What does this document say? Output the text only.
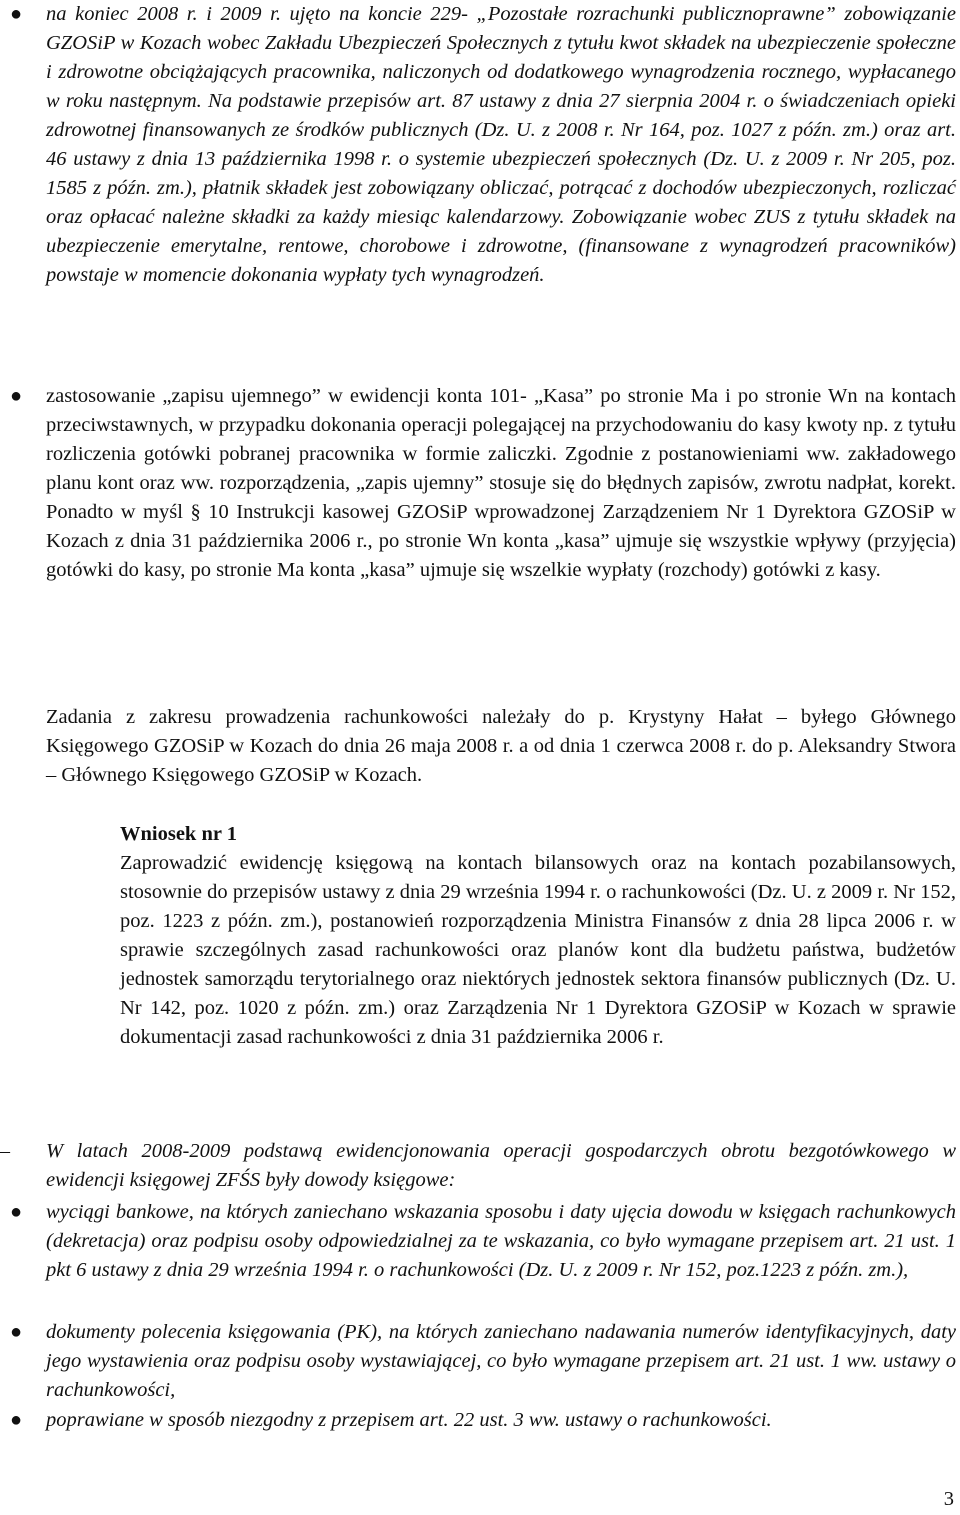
● na koniec 2008 r. i 2009 r. ujęto na koncie 229- „Pozostałe rozrachunki publicznoprawne” zobowiązanie GZOSiP w Kozach wobec Zakładu Ubezpieczeń Społecznych z tytułu kwot składek na ubezpieczenie społeczne i zdrowotne obciążających pracownika, naliczonych od dodatkowego wynagrodzenia rocznego, wypłacanego w roku następnym. Na podstawie przepisów art. 87 ustawy z dnia 27 sierpnia 2004 r. o świadczeniach opieki zdrowotnej finansowanych ze środków publicznych (Dz. U. z 2008 r. Nr 164, poz. 1027 z późn. zm.) oraz art. 46 ustawy z dnia 13 października 1998 r. o systemie ubezpieczeń społecznych (Dz. U. z 2009 r. Nr 205, poz. 1585 z późn. zm.), płatnik składek jest zobowiązany obliczać, potrącać z dochodów ubezpieczonych, rozliczać oraz opłacać należne składki za każdy miesiąc kalendarzowy. Zobowiązanie wobec ZUS z tytułu składek na ubezpieczenie emerytalne, rentowe, chorobowe i zdrowotne, (finansowane z wynagrodzeń pracowników) powstaje w momencie dokonania wypłaty tych wynagrodzeń.

● zastosowanie „zapisu ujemnego” w ewidencji konta 101- „Kasa” po stronie Ma i po stronie Wn na kontach przeciwstawnych, w przypadku dokonania operacji polegającej na przychodowaniu do kasy kwoty np. z tytułu rozliczenia gotówki pobranej pracownika w formie zaliczki. Zgodnie z postanowieniami ww. zakładowego planu kont oraz ww. rozporządzenia, „zapis ujemny” stosuje się do błędnych zapisów, zwrotu nadpłat, korekt. Ponadto w myśl § 10 Instrukcji kasowej GZOSiP wprowadzonej Zarządzeniem Nr 1 Dyrektora GZOSiP w Kozach z dnia 31 października 2006 r., po stronie Wn konta „kasa” ujmuje się wszystkie wpływy (przyjęcia) gotówki do kasy, po stronie Ma konta „kasa” ujmuje się wszelkie wypłaty (rozchody) gotówki z kasy.

Zadania z zakresu prowadzenia rachunkowości należały do p. Krystyny Hałat – byłego Głównego Księgowego GZOSiP w Kozach do dnia 26 maja 2008 r. a od dnia 1 czerwca 2008 r. do p. Aleksandry Stwora – Głównego Księgowego GZOSiP w Kozach.

Wniosek nr 1

Zaprowadzić ewidencję księgową na kontach bilansowych oraz na kontach pozabilansowych, stosownie do przepisów ustawy z dnia 29 września 1994 r. o rachunkowości (Dz. U. z 2009 r. Nr 152, poz. 1223 z późn. zm.), postanowień rozporządzenia Ministra Finansów z dnia 28 lipca 2006 r. w sprawie szczególnych zasad rachunkowości oraz planów kont dla budżetu państwa, budżetów jednostek samorządu terytorialnego oraz niektórych jednostek sektora finansów publicznych (Dz. U. Nr 142, poz. 1020 z późn. zm.) oraz Zarządzenia Nr 1 Dyrektora GZOSiP w Kozach w sprawie dokumentacji zasad rachunkowości z dnia 31 października 2006 r.

– W latach 2008-2009 podstawą ewidencjonowania operacji gospodarczych obrotu bezgotówkowego w ewidencji księgowej ZFŚS były dowody księgowe:

● wyciągi bankowe, na których zaniechano wskazania sposobu i daty ujęcia dowodu w księgach rachunkowych (dekretacja) oraz podpisu osoby odpowiedzialnej za te wskazania, co było wymagane przepisem art. 21 ust. 1 pkt 6 ustawy z dnia 29 września 1994 r. o rachunkowości (Dz. U. z 2009 r. Nr 152, poz.1223 z późn. zm.),

● dokumenty polecenia księgowania (PK), na których zaniechano nadawania numerów identyfikacyjnych, daty jego wystawienia oraz podpisu osoby wystawiającej, co było wymagane przepisem art. 21 ust. 1 ww. ustawy o rachunkowości,

● poprawiane w sposób niezgodny z przepisem art. 22 ust. 3 ww. ustawy o rachunkowości.

3
